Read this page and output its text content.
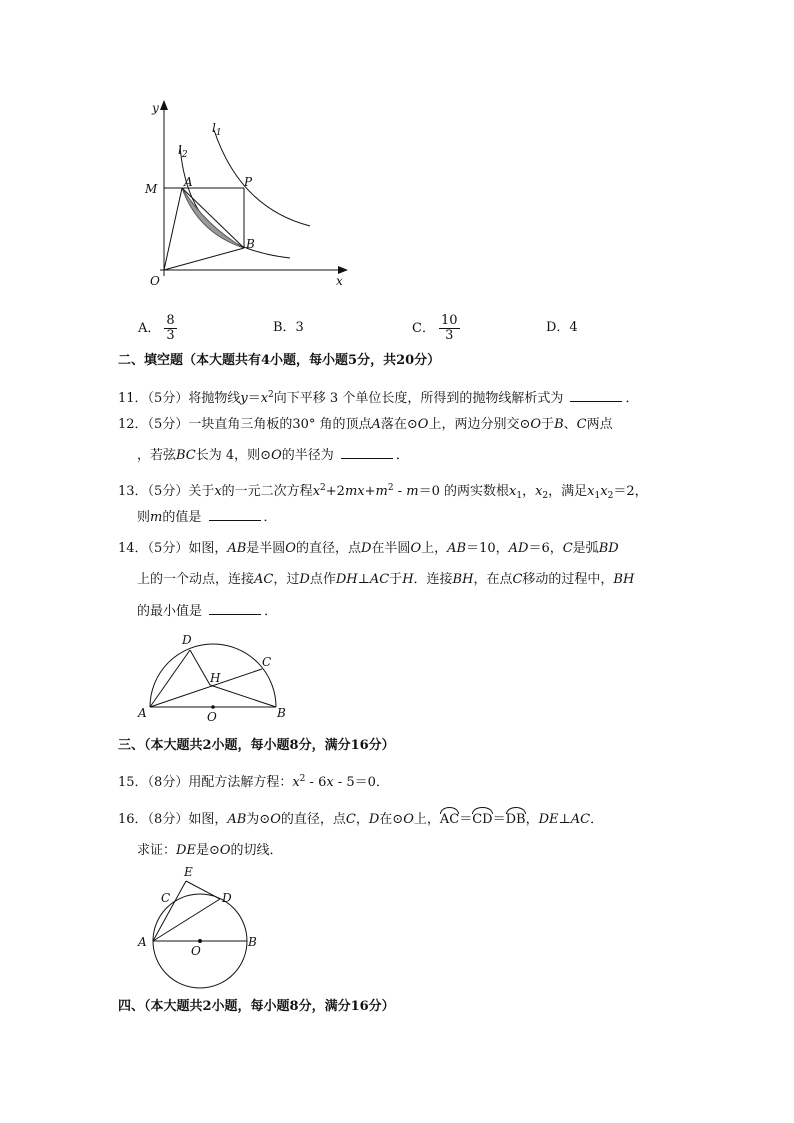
y
x
$l_1$
$l_2$
M A	P
B
O
A． $\frac{8}{3}$	B．3	C． $\frac{10}{3}$	D．4
二、填空题（本大题共有4小题，每小题5分，共20分）
11．（5分）将抛物线$y=x^2$向下平移 3 个单位长度，所得到的抛物线解析式为	．
12．（5分）一块直角三角板的30° 角的顶点A落在⊙O上，两边分别交⊙O于B、C两点
，若弦BC长为 4，则⊙O的半径为	．
13．（5分）关于x的一元二次方程$x^2+2mx+m^2 - m=0$ 的两实数根$x_1$，$x_2$，满足$x_1x_2=2$，
则m的值是	．
14．（5分）如图，AB是半圆O的直径，点D在半圆O上，AB＝10，AD＝6，C是弧BD
上的一个动点，连接AC，过D点作DH⊥AC于H．连接BH，在点C移动的过程中，BH
的最小值是	．
D
C
H
A	O	B
三、（本大题共2小题，每小题8分，满分16分）
15．（8分）用配方法解方程：$x^2 - 6x - 5=0$．
16．（8分）如图，AB为⊙O的直径，点C，D在⊙O上，AC＝CD＝DB，DE⊥AC．
求证：DE是⊙O的切线．
E
C	D
A
O
B
四、（本大题共2小题，每小题8分，满分16分）
